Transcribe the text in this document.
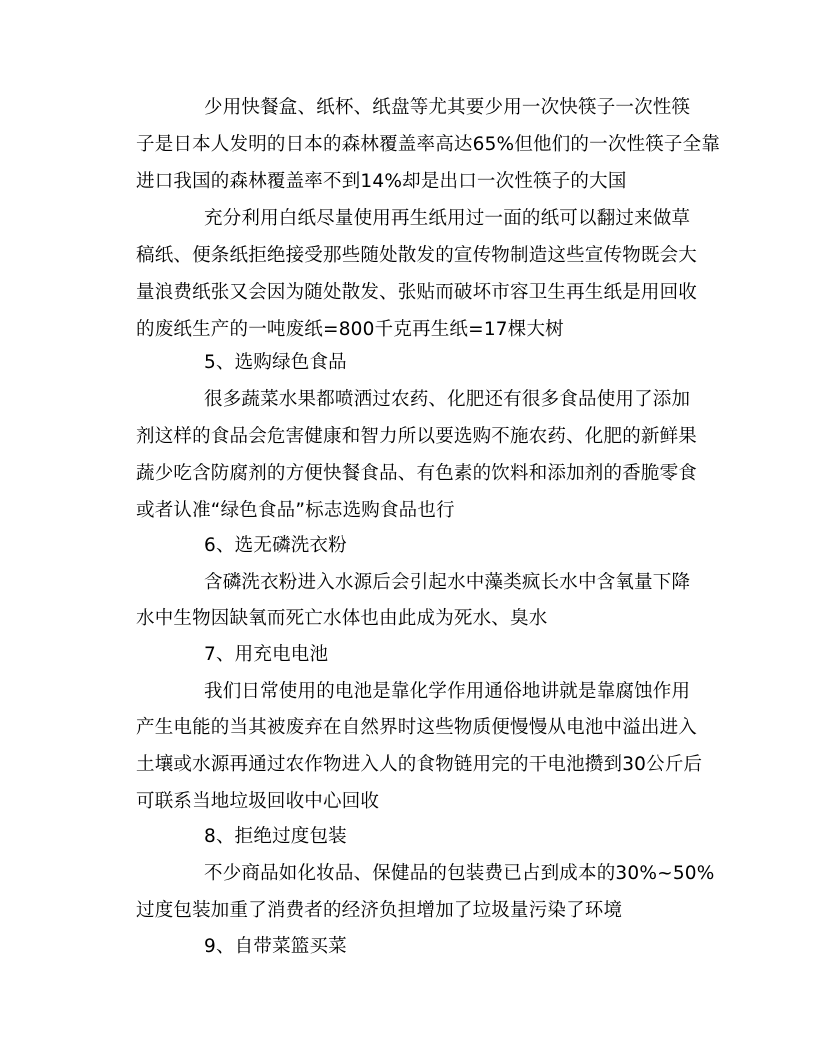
少用快餐盒、纸杯、纸盘等尤其要少用一次快筷子一次性筷
子是日本人发明的日本的森林覆盖率高达65%但他们的一次性筷子全靠
进口我国的森林覆盖率不到14%却是出口一次性筷子的大国
充分利用白纸尽量使用再生纸用过一面的纸可以翻过来做草
稿纸、便条纸拒绝接受那些随处散发的宣传物制造这些宣传物既会大
量浪费纸张又会因为随处散发、张贴而破坏市容卫生再生纸是用回收
的废纸生产的一吨废纸=800千克再生纸=17棵大树
5、选购绿色食品
很多蔬菜水果都喷洒过农药、化肥还有很多食品使用了添加
剂这样的食品会危害健康和智力所以要选购不施农药、化肥的新鲜果
蔬少吃含防腐剂的方便快餐食品、有色素的饮料和添加剂的香脆零食
或者认准“绿色食品”标志选购食品也行
6、选无磷洗衣粉
含磷洗衣粉进入水源后会引起水中藻类疯长水中含氧量下降
水中生物因缺氧而死亡水体也由此成为死水、臭水
7、用充电电池
我们日常使用的电池是靠化学作用通俗地讲就是靠腐蚀作用
产生电能的当其被废弃在自然界时这些物质便慢慢从电池中溢出进入
土壤或水源再通过农作物进入人的食物链用完的干电池攒到30公斤后
可联系当地垃圾回收中心回收
8、拒绝过度包装
不少商品如化妆品、保健品的包装费已占到成本的30%~50%
过度包装加重了消费者的经济负担增加了垃圾量污染了环境
9、自带菜篮买菜
